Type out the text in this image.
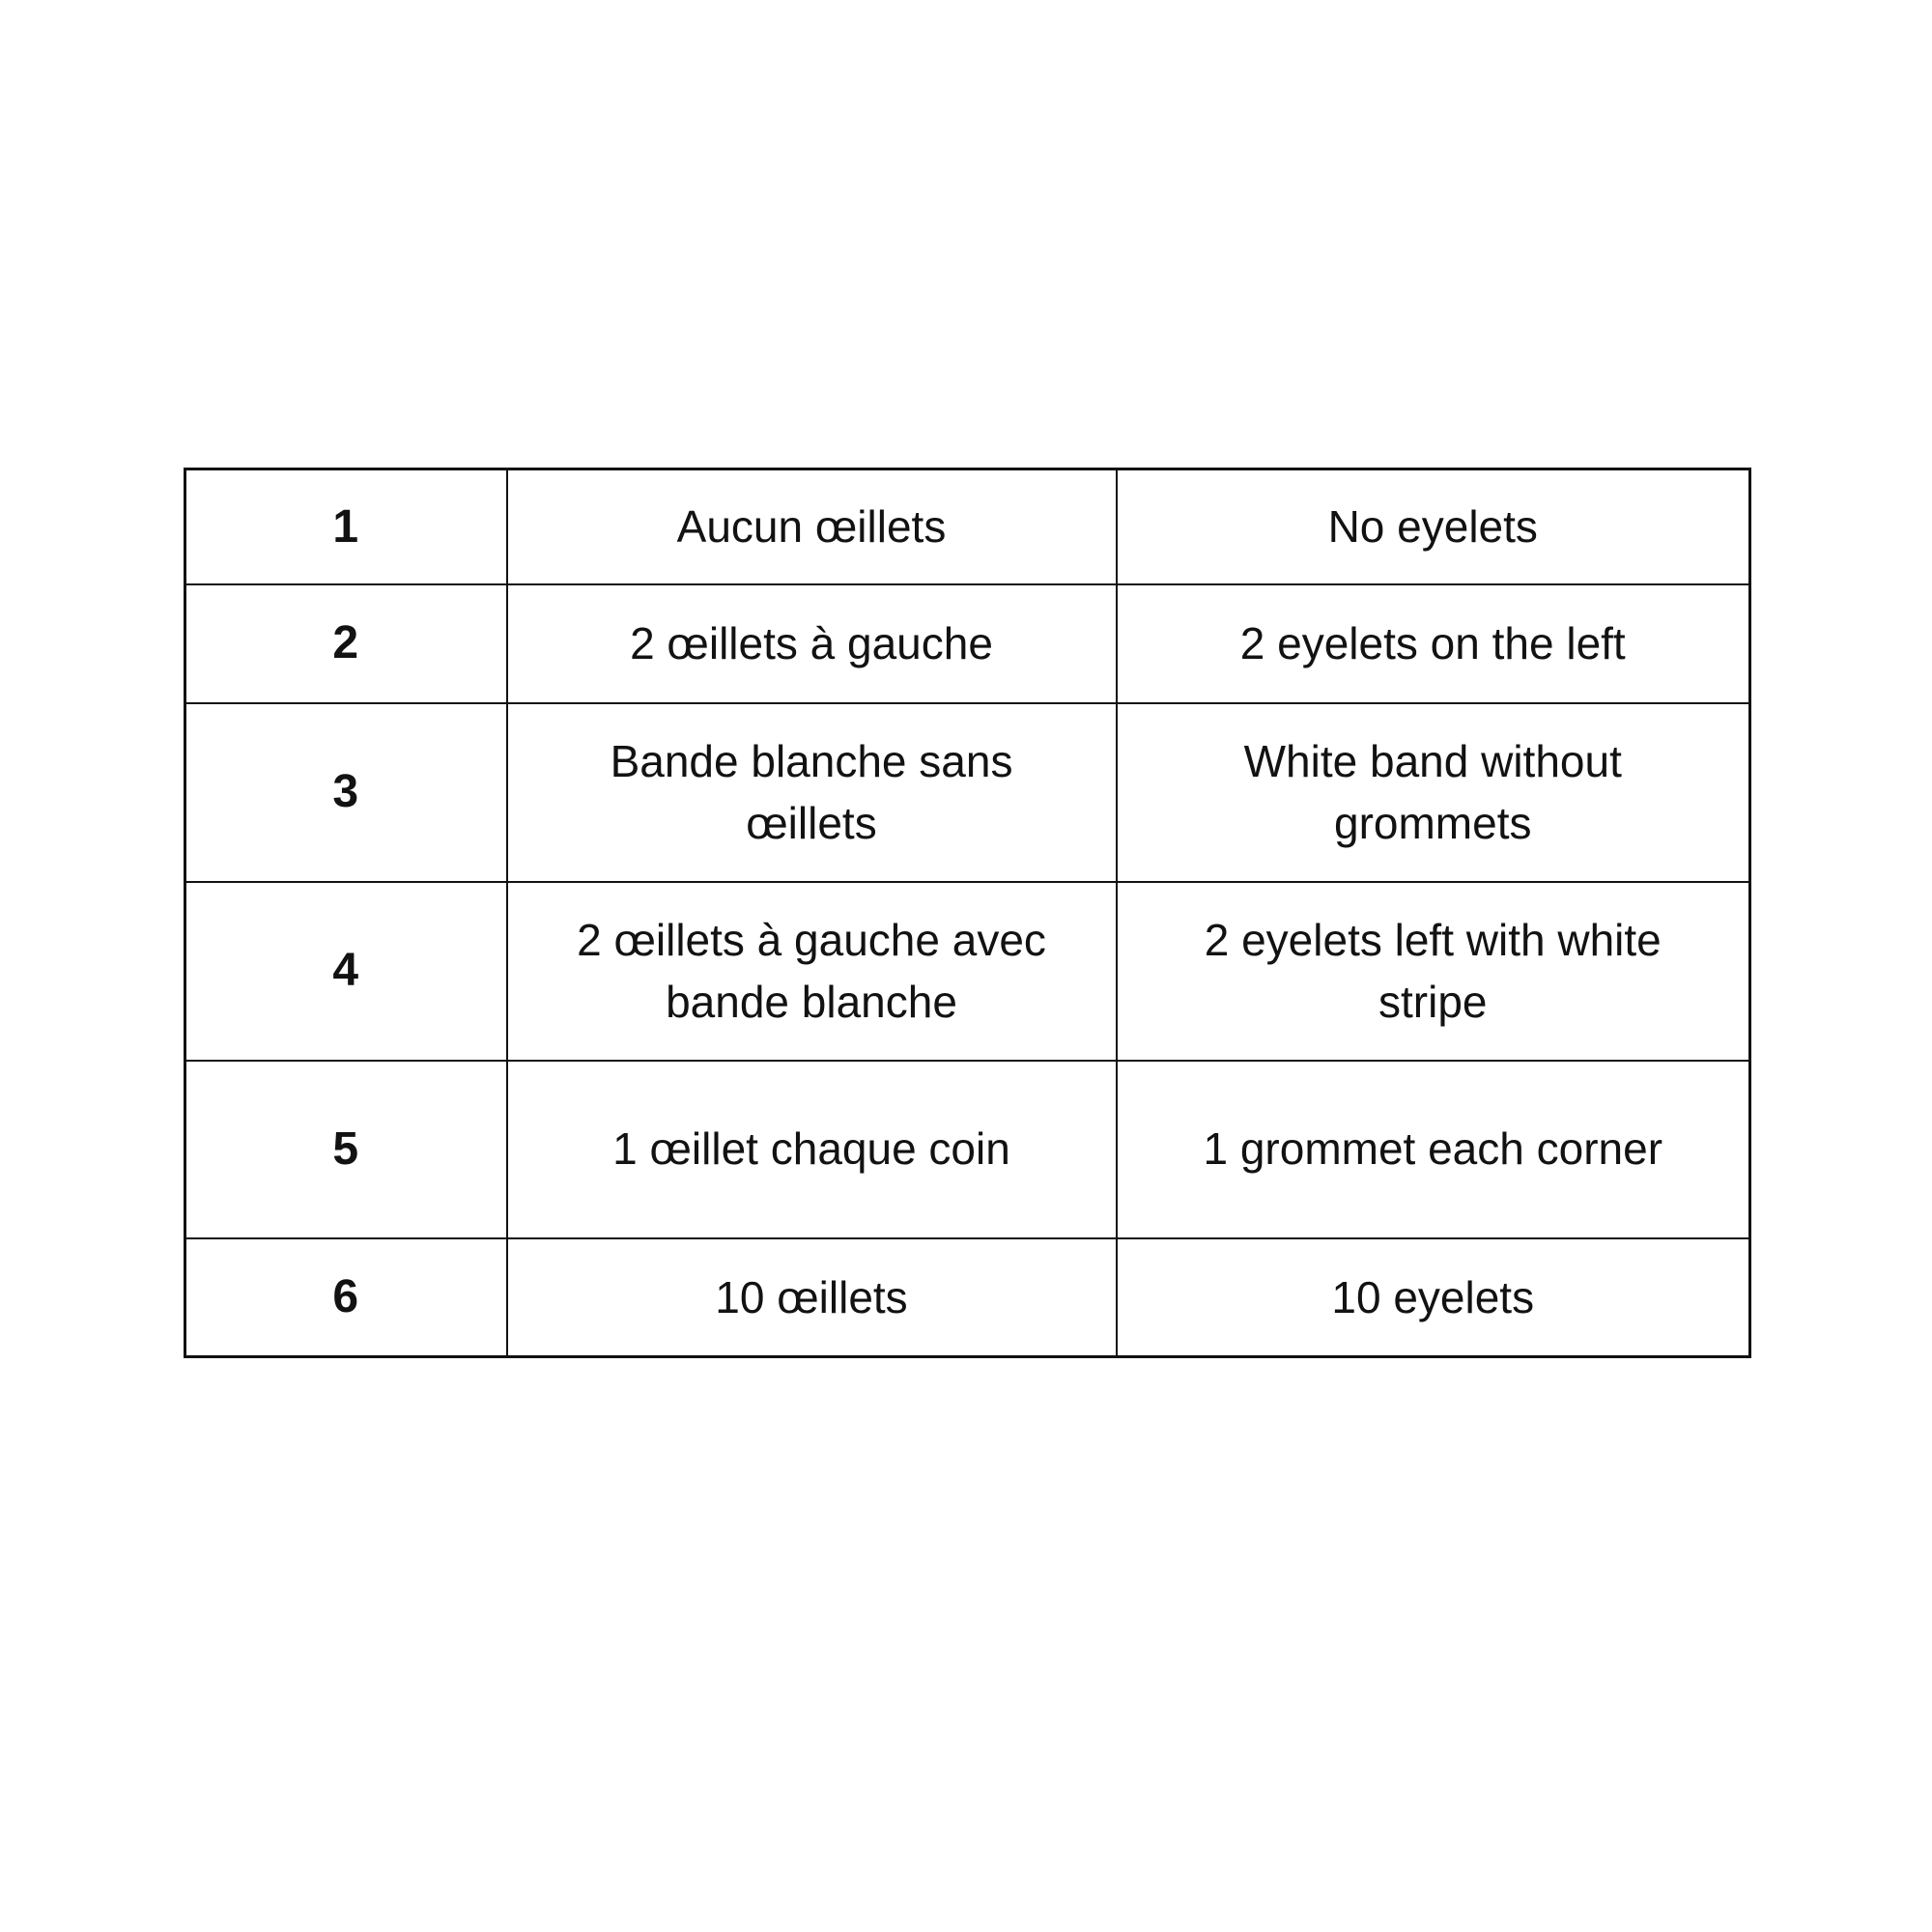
1	Aucun œillets	No eyelets
2	2 œillets à gauche	2 eyelets on the left
3	Bande blanche sans œillets	White band without grommets
4	2 œillets à gauche avec bande blanche	2 eyelets left with white stripe
5	1 œillet chaque coin	1 grommet each corner
6	10 œillets	10 eyelets
